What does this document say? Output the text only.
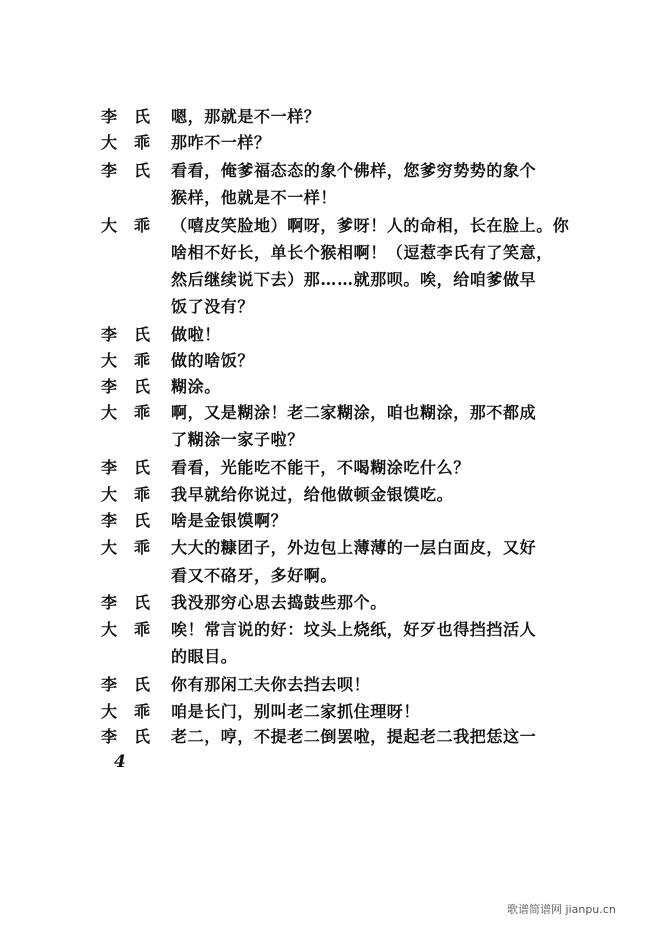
李 氏 嗯，那就是不一样？
大 乖 那咋不一样？
李 氏 看看，俺爹福态态的象个佛样，您爹穷势势的象个
猴样，他就是不一样！
大 乖 （嘻皮笑脸地）啊呀，爹呀！人的命相，长在脸上。你
啥相不好长，单长个猴相啊！（逗惹李氏有了笑意，
然后继续说下去）那……就那呗。唉，给咱爹做早
饭了没有？
李 氏 做啦！
大 乖 做的啥饭？
李 氏 糊涂。
大 乖 啊，又是糊涂！老二家糊涂，咱也糊涂，那不都成
了糊涂一家子啦？
李 氏 看看，光能吃不能干，不喝糊涂吃什么？
大 乖 我早就给你说过，给他做顿金银馍吃。
李 氏 啥是金银馍啊？
大 乖 大大的糠团子，外边包上薄薄的一层白面皮，又好
看又不硌牙，多好啊。
李 氏 我没那穷心思去捣鼓些那个。
大 乖 唉！常言说的好：坟头上烧纸，好歹也得挡挡活人
的眼目。
李 氏 你有那闲工夫你去挡去呗！
大 乖 咱是长门，别叫老二家抓住理呀！
李 氏 老二，哼，不提老二倒罢啦，提起老二我把恁这一
4
歌谱简谱网 jianpu.cn
